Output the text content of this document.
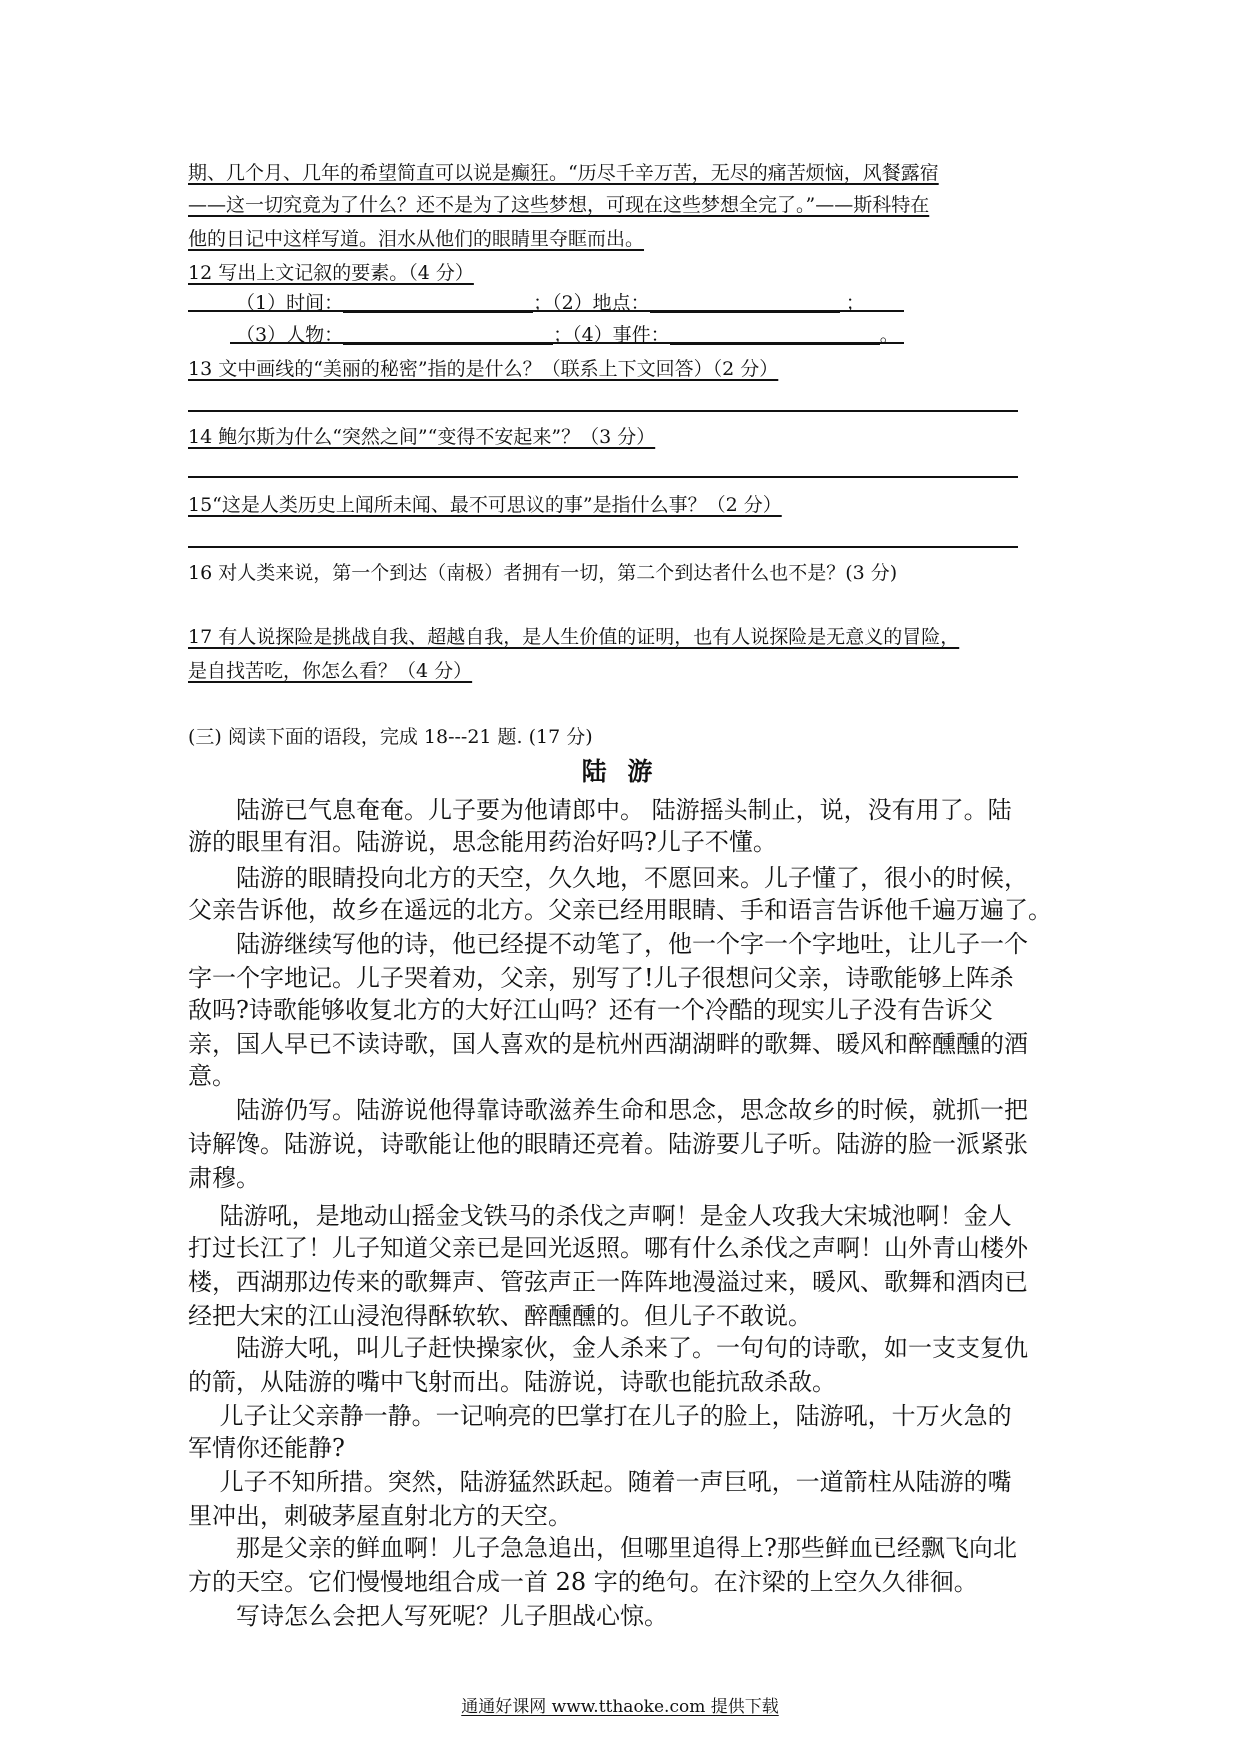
期、几个月、几年的希望简直可以说是癫狂。“历尽千辛万苦，无尽的痛苦烦恼，风餐露宿
——这一切究竟为了什么？还不是为了这些梦想，可现在这些梦想全完了。”——斯科特在
他的日记中这样写道。泪水从他们的眼睛里夺眶而出。
12 写出上文记叙的要素。（4 分）
（1）时间：	；（2）地点：	；
（3）人物：	；（4）事件：	。
13 文中画线的“美丽的秘密”指的是什么？（联系上下文回答）（2 分）
14 鲍尔斯为什么“突然之间”“变得不安起来”？（3 分）
15“这是人类历史上闻所未闻、最不可思议的事”是指什么事？（2 分）
16 对人类来说，第一个到达（南极）者拥有一切，第二个到达者什么也不是？(3 分)
17 有人说探险是挑战自我、超越自我，是人生价值的证明，也有人说探险是无意义的冒险，
是自找苦吃，你怎么看？（4 分）
(三) 阅读下面的语段，完成 18---21 题. (17 分)
陆 游
　　陆游已气息奄奄。儿子要为他请郎中。 陆游摇头制止，说，没有用了。陆
游的眼里有泪。陆游说，思念能用药治好吗?儿子不懂。
　　陆游的眼睛投向北方的天空，久久地，不愿回来。儿子懂了，很小的时候，
父亲告诉他，故乡在遥远的北方。父亲已经用眼睛、手和语言告诉他千遍万遍了。
　　陆游继续写他的诗，他已经提不动笔了，他一个字一个字地吐，让儿子一个
字一个字地记。儿子哭着劝，父亲，别写了!儿子很想问父亲，诗歌能够上阵杀
敌吗?诗歌能够收复北方的大好江山吗？还有一个冷酷的现实儿子没有告诉父
亲，国人早已不读诗歌，国人喜欢的是杭州西湖湖畔的歌舞、暖风和醉醺醺的酒
意。
　　陆游仍写。陆游说他得靠诗歌滋养生命和思念，思念故乡的时候，就抓一把
诗解馋。陆游说，诗歌能让他的眼睛还亮着。陆游要儿子听。陆游的脸一派紧张
肃穆。
　 陆游吼，是地动山摇金戈铁马的杀伐之声啊！是金人攻我大宋城池啊！金人
打过长江了！儿子知道父亲已是回光返照。哪有什么杀伐之声啊！山外青山楼外
楼，西湖那边传来的歌舞声、管弦声正一阵阵地漫溢过来，暖风、歌舞和酒肉已
经把大宋的江山浸泡得酥软软、醉醺醺的。但儿子不敢说。
　　陆游大吼，叫儿子赶快操家伙，金人杀来了。一句句的诗歌，如一支支复仇
的箭，从陆游的嘴中飞射而出。陆游说，诗歌也能抗敌杀敌。
　 儿子让父亲静一静。一记响亮的巴掌打在儿子的脸上，陆游吼，十万火急的
军情你还能静?
　 儿子不知所措。突然，陆游猛然跃起。随着一声巨吼，一道箭柱从陆游的嘴
里冲出，刺破茅屋直射北方的天空。
　　那是父亲的鲜血啊！儿子急急追出，但哪里追得上?那些鲜血已经飘飞向北
方的天空。它们慢慢地组合成一首 28 字的绝句。在汴梁的上空久久徘徊。
　　写诗怎么会把人写死呢？儿子胆战心惊。
通通好课网 www.tthaoke.com 提供下载
